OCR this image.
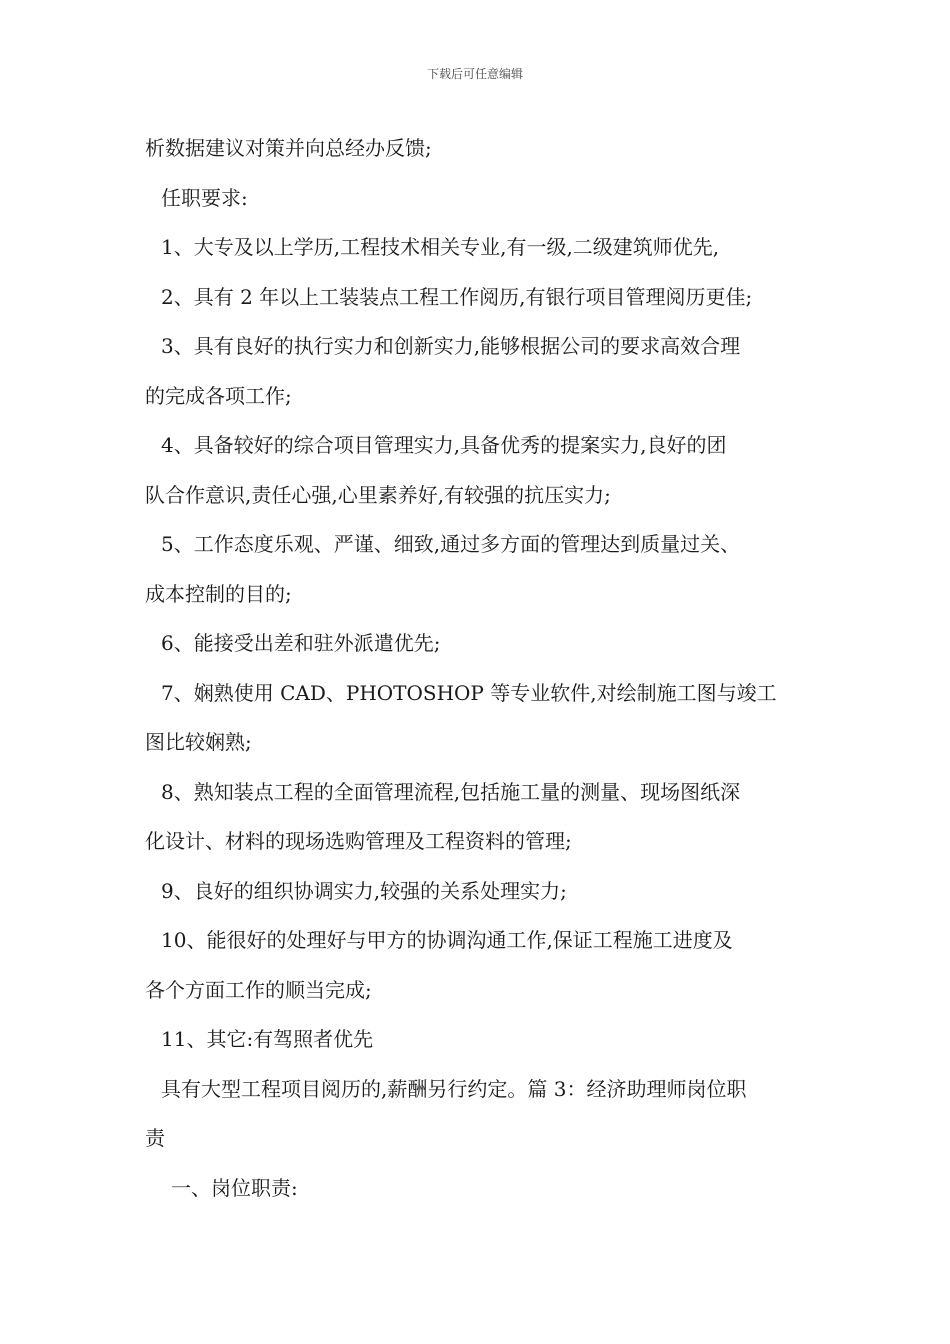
下载后可任意编辑
析数据建议对策并向总经办反馈;
任职要求:
1、大专及以上学历,工程技术相关专业,有一级,二级建筑师优先,
2、具有 2 年以上工装装点工程工作阅历,有银行项目管理阅历更佳;
3、具有良好的执行实力和创新实力,能够根据公司的要求高效合理
的完成各项工作;
4、具备较好的综合项目管理实力,具备优秀的提案实力,良好的团
队合作意识,责任心强,心里素养好,有较强的抗压实力;
5、工作态度乐观、严谨、细致,通过多方面的管理达到质量过关、
成本控制的目的;
6、能接受出差和驻外派遣优先;
7、娴熟使用 CAD、PHOTOSHOP 等专业软件,对绘制施工图与竣工
图比较娴熟;
8、熟知装点工程的全面管理流程,包括施工量的测量、现场图纸深
化设计、材料的现场选购管理及工程资料的管理;
9、良好的组织协调实力,较强的关系处理实力;
10、能很好的处理好与甲方的协调沟通工作,保证工程施工进度及
各个方面工作的顺当完成;
11、其它:有驾照者优先
具有大型工程项目阅历的,薪酬另行约定。篇 3：经济助理师岗位职
责
一、岗位职责:
